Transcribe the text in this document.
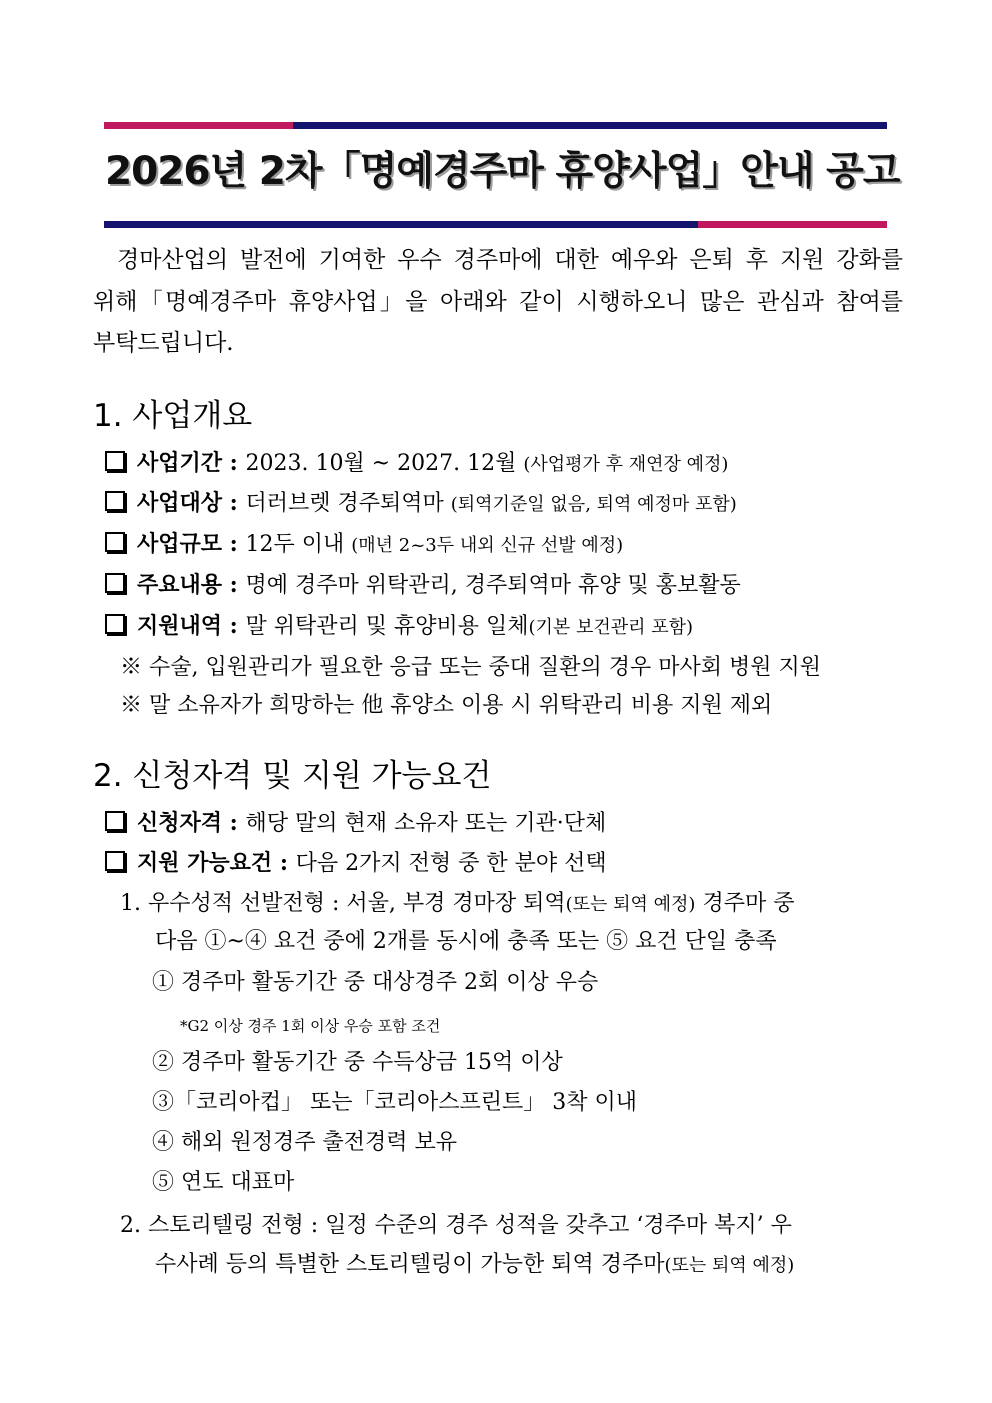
2026년 2차「명예경주마 휴양사업」안내 공고

경마산업의 발전에 기여한 우수 경주마에 대한 예우와 은퇴 후 지원 강화를 위해「명예경주마 휴양사업」을 아래와 같이 시행하오니 많은 관심과 참여를 부탁드립니다.

1. 사업개요
사업기간 : 2023. 10월 ~ 2027. 12월 (사업평가 후 재연장 예정)
사업대상 : 더러브렛 경주퇴역마 (퇴역기준일 없음, 퇴역 예정마 포함)
사업규모 : 12두 이내 (매년 2~3두 내외 신규 선발 예정)
주요내용 : 명예 경주마 위탁관리, 경주퇴역마 휴양 및 홍보활동
지원내역 : 말 위탁관리 및 휴양비용 일체(기본 보건관리 포함)
※ 수술, 입원관리가 필요한 응급 또는 중대 질환의 경우 마사회 병원 지원
※ 말 소유자가 희망하는 他 휴양소 이용 시 위탁관리 비용 지원 제외
2. 신청자격 및 지원 가능요건
신청자격 : 해당 말의 현재 소유자 또는 기관·단체
지원 가능요건 : 다음 2가지 전형 중 한 분야 선택
1. 우수성적 선발전형 : 서울, 부경 경마장 퇴역(또는 퇴역 예정) 경주마 중
다음 ①~④ 요건 중에 2개를 동시에 충족 또는 ⑤ 요건 단일 충족
① 경주마 활동기간 중 대상경주 2회 이상 우승
*G2 이상 경주 1회 이상 우승 포함 조건
② 경주마 활동기간 중 수득상금 15억 이상
③「코리아컵」 또는「코리아스프린트」 3착 이내
④ 해외 원정경주 출전경력 보유
⑤ 연도 대표마
2. 스토리텔링 전형 : 일정 수준의 경주 성적을 갖추고 ‘경주마 복지’ 우
수사례 등의 특별한 스토리텔링이 가능한 퇴역 경주마(또는 퇴역 예정)
